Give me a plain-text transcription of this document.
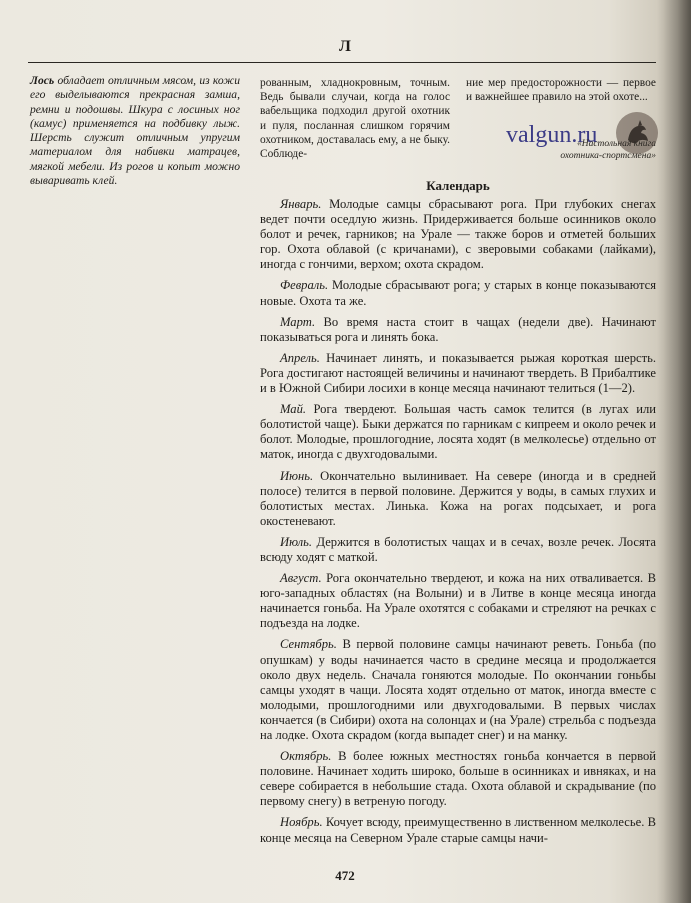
Л
Лось обладает отличным мясом, из кожи его выделываются прекрасная замша, ремни и подошвы. Шкура с лосиных ног (камус) применяется на подбивку лыж. Шерсть служит отличным упругим материалом для набивки матрацев, мягкой мебели. Из рогов и копыт можно вываривать клей.
рованным, хладнокровным, точным. Ведь бывали случаи, когда на голос вабельщика подходил другой охотник и пуля, посланная слишком горячим охотником, доставалась ему, а не быку. Соблюде-
ние мер предосторожности — первое и важнейшее правило на этой охоте...
valgun.ru
«Настольная книга
охотника-спортсмена»
Календарь

Январь. Молодые самцы сбрасывают рога. При глубоких снегах ведет почти оседлую жизнь. Придерживается больше осинников около болот и речек, гарников; на Урале — также боров и отметей больших гор. Охота облавой (с кричанами), с зверовыми собаками (лайками), иногда с гончими, верхом; охота скрадом.

Февраль. Молодые сбрасывают рога; у старых в конце показываются новые. Охота та же.

Март. Во время наста стоит в чащах (недели две). Начинают показываться рога и линять бока.

Апрель. Начинает линять, и показывается рыжая короткая шерсть. Рога достигают настоящей величины и начинают твердеть. В Прибалтике и в Южной Сибири лосихи в конце месяца начинают телиться (1—2).

Май. Рога твердеют. Большая часть самок телится (в лугах или болотистой чаще). Быки держатся по гарникам с кипреем и около речек и болот. Молодые, прошлогодние, лосята ходят (в мелколесье) отдельно от маток, иногда с двухгодовалыми.

Июнь. Окончательно вылинивает. На севере (иногда и в средней полосе) телится в первой половине. Держится у воды, в самых глухих и болотистых местах. Линька. Кожа на рогах подсыхает, и рога окостеневают.

Июль. Держится в болотистых чащах и в сечах, возле речек. Лосята всюду ходят с маткой.

Август. Рога окончательно твердеют, и кожа на них отваливается. В юго-западных областях (на Волыни) и в Литве в конце месяца иногда начинается гоньба. На Урале охотятся с собаками и стреляют на речках с подъезда на лодке.

Сентябрь. В первой половине самцы начинают реветь. Гоньба (по опушкам) у воды начинается часто в средине месяца и продолжается около двух недель. Сначала гоняются молодые. По окончании гоньбы самцы уходят в чащи. Лосята ходят отдельно от маток, иногда вместе с молодыми, прошлогодними или двухгодовалыми. В первых числах кончается (в Сибири) охота на солонцах и (на Урале) стрельба с подъезда на лодке. Охота скрадом (когда выпадет снег) и на манку.

Октябрь. В более южных местностях гоньба кончается в первой половине. Начинает ходить широко, больше в осинниках и ивняках, и на севере собирается в небольшие стада. Охота облавой и скрадывание (по первому снегу) в ветреную погоду.

Ноябрь. Кочует всюду, преимущественно в лиственном мелколесье. В конце месяца на Северном Урале старые самцы начи-

472
